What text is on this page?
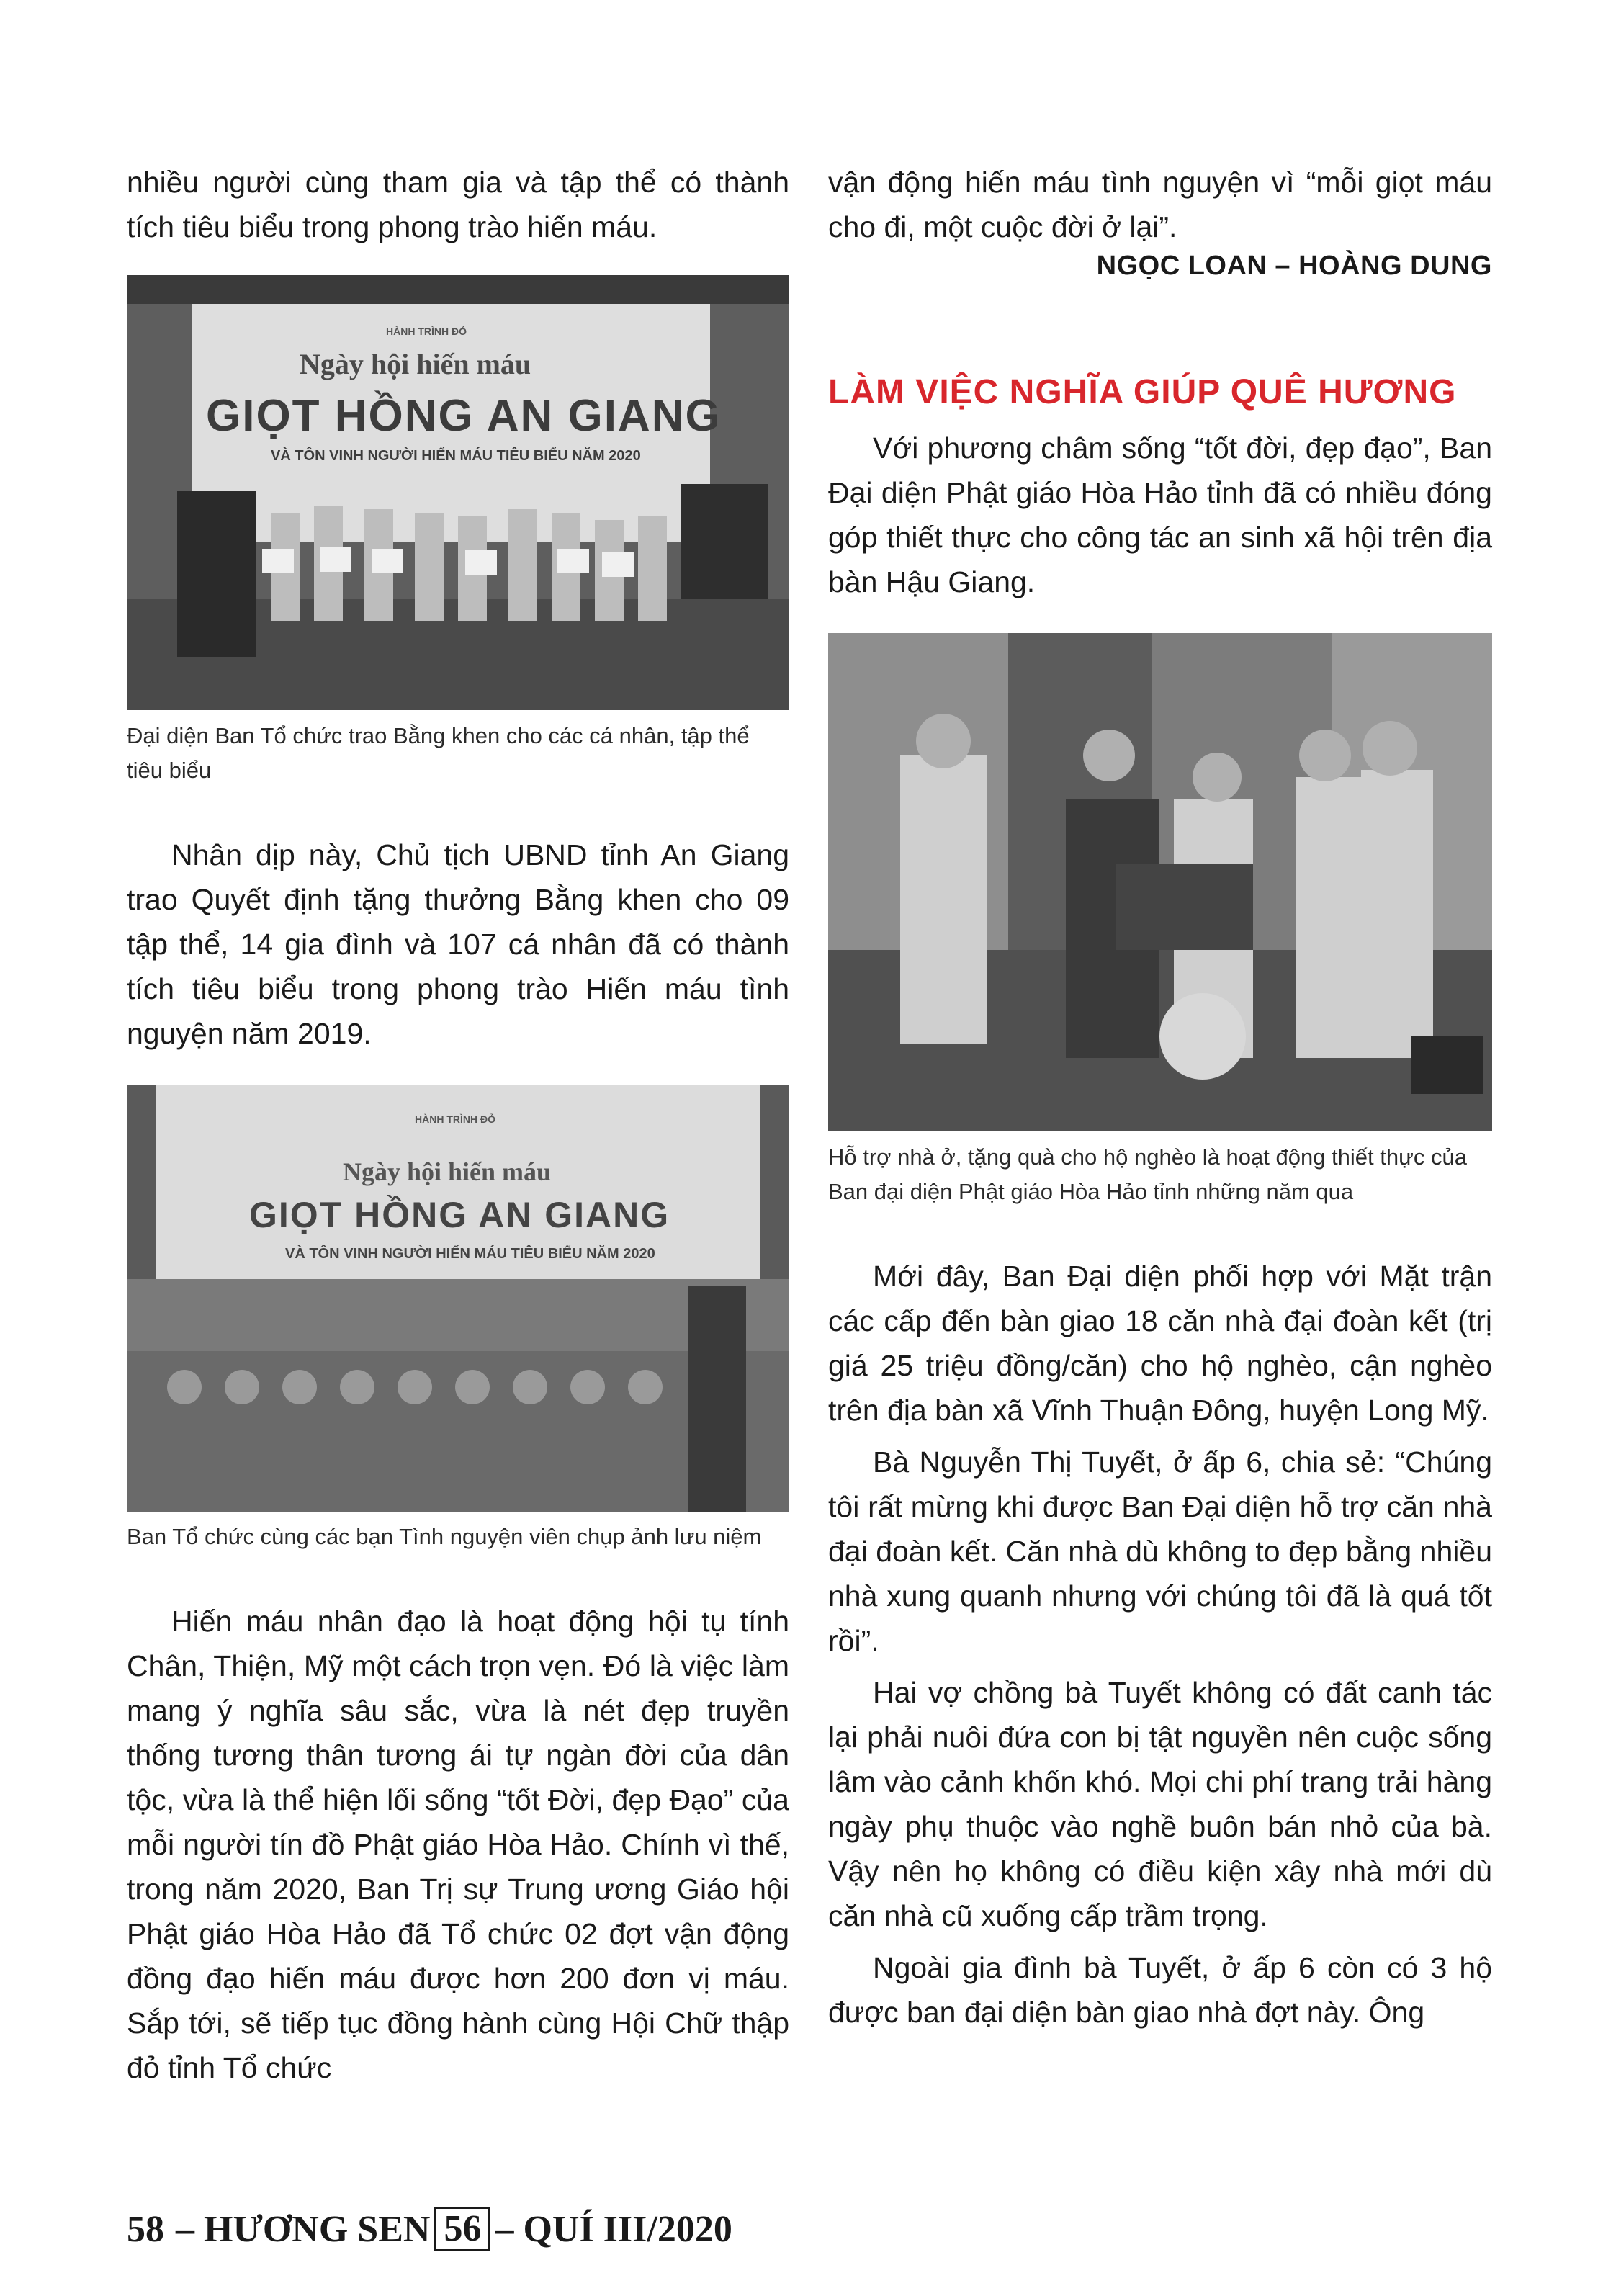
nhiều người cùng tham gia và tập thể có thành tích tiêu biểu trong phong trào hiến máu.

HÀNH TRÌNH ĐỎ
Ngày hội hiến máu
GIỌT HỒNG AN GIANG
VÀ TÔN VINH NGƯỜI HIẾN MÁU TIÊU BIỂU NĂM 2020

Đại diện Ban Tổ chức trao Bằng khen cho các cá nhân, tập thể tiêu biểu

Nhân dịp này, Chủ tịch UBND tỉnh An Giang trao Quyết định tặng thưởng Bằng khen cho 09 tập thể, 14 gia đình và 107 cá nhân đã có thành tích tiêu biểu trong phong trào Hiến máu tình nguyện năm 2019.

HÀNH TRÌNH ĐỎ
Ngày hội hiến máu
GIỌT HỒNG AN GIANG
VÀ TÔN VINH NGƯỜI HIẾN MÁU TIÊU BIỂU NĂM 2020

Ban Tổ chức cùng các bạn Tình nguyện viên chụp ảnh lưu niệm

Hiến máu nhân đạo là hoạt động hội tụ tính Chân, Thiện, Mỹ một cách trọn vẹn. Đó là việc làm mang ý nghĩa sâu sắc, vừa là nét đẹp truyền thống tương thân tương ái tự ngàn đời của dân tộc, vừa là thể hiện lối sống “tốt Đời, đẹp Đạo” của mỗi người tín đồ Phật giáo Hòa Hảo. Chính vì thế, trong năm 2020, Ban Trị sự Trung ương Giáo hội Phật giáo Hòa Hảo đã Tổ chức 02 đợt vận động đồng đạo hiến máu được hơn 200 đơn vị máu. Sắp tới, sẽ tiếp tục đồng hành cùng Hội Chữ thập đỏ tỉnh Tổ chức

vận động hiến máu tình nguyện vì “mỗi giọt máu cho đi, một cuộc đời ở lại”.

NGỌC LOAN – HOÀNG DUNG
LÀM VIỆC NGHĨA GIÚP QUÊ HƯƠNG

Với phương châm sống “tốt đời, đẹp đạo”, Ban Đại diện Phật giáo Hòa Hảo tỉnh đã có nhiều đóng góp thiết thực cho công tác an sinh xã hội trên địa bàn Hậu Giang.

Hỗ trợ nhà ở, tặng quà cho hộ nghèo là hoạt động thiết thực của Ban đại diện Phật giáo Hòa Hảo tỉnh những năm qua

Mới đây, Ban Đại diện phối hợp với Mặt trận các cấp đến bàn giao 18 căn nhà đại đoàn kết (trị giá 25 triệu đồng/căn) cho hộ nghèo, cận nghèo trên địa bàn xã Vĩnh Thuận Đông, huyện Long Mỹ.

Bà Nguyễn Thị Tuyết, ở ấp 6, chia sẻ: “Chúng tôi rất mừng khi được Ban Đại diện hỗ trợ căn nhà đại đoàn kết. Căn nhà dù không to đẹp bằng nhiều nhà xung quanh nhưng với chúng tôi đã là quá tốt rồi”.

Hai vợ chồng bà Tuyết không có đất canh tác lại phải nuôi đứa con bị tật nguyền nên cuộc sống lâm vào cảnh khốn khó. Mọi chi phí trang trải hàng ngày phụ thuộc vào nghề buôn bán nhỏ của bà. Vậy nên họ không có điều kiện xây nhà mới dù căn nhà cũ xuống cấp trầm trọng.

Ngoài gia đình bà Tuyết, ở ấp 6 còn có 3 hộ được ban đại diện bàn giao nhà đợt này. Ông

58 – HƯƠNG SEN 56 – QUÍ III/2020
